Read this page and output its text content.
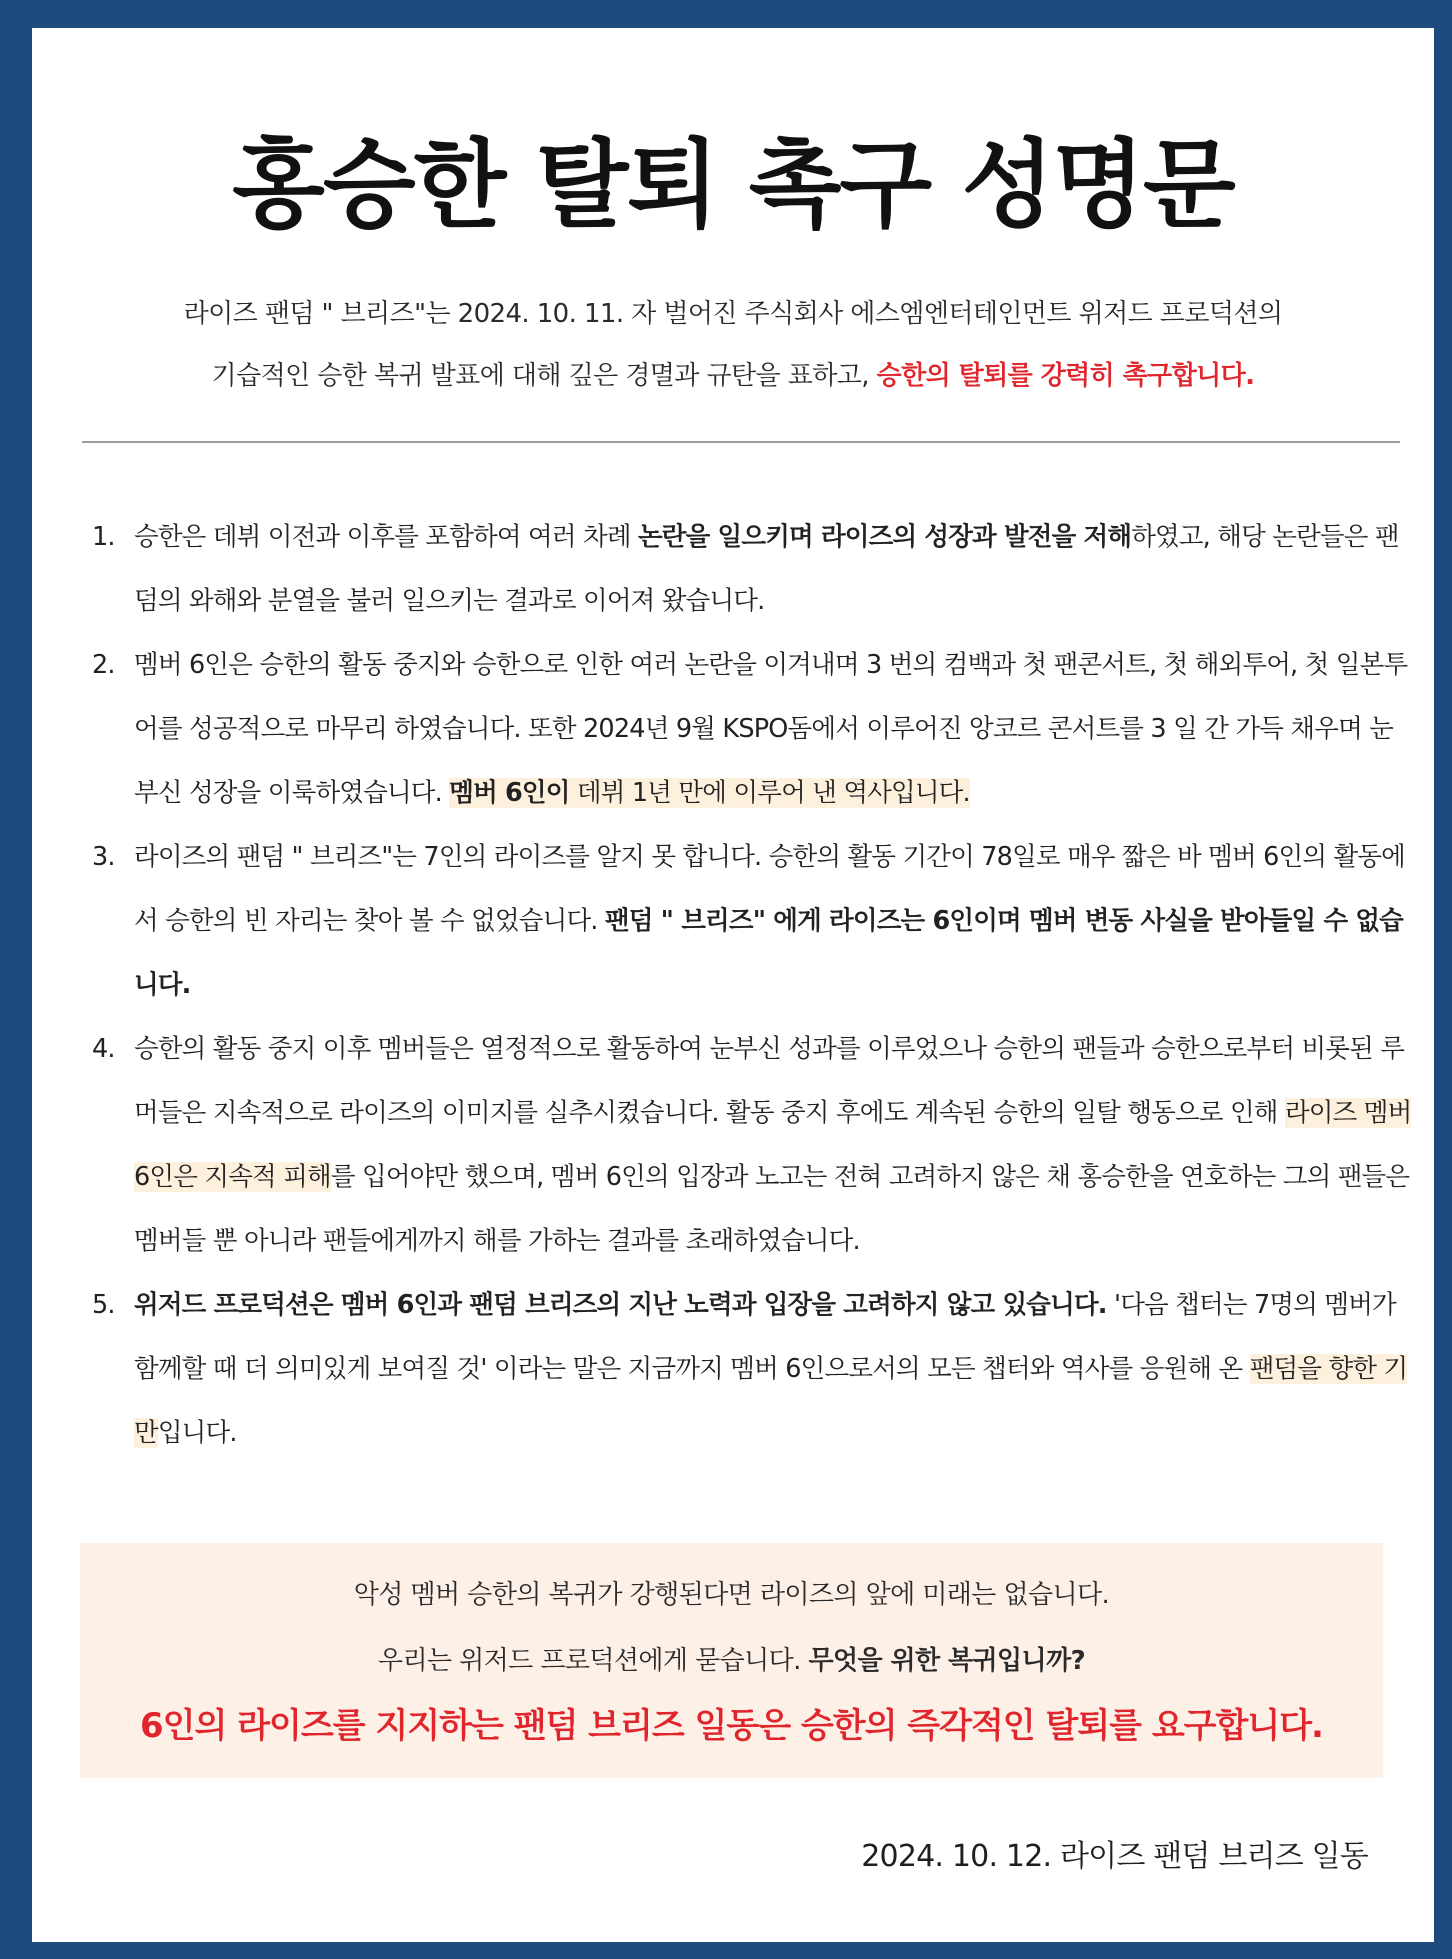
홍승한 탈퇴 촉구 성명문
라이즈 팬덤 " 브리즈"는 2024. 10. 11. 자 벌어진 주식회사 에스엠엔터테인먼트 위저드 프로덕션의
기습적인 승한 복귀 발표에 대해 깊은 경멸과 규탄을 표하고, 승한의 탈퇴를 강력히 촉구합니다.
1. 승한은 데뷔 이전과 이후를 포함하여 여러 차례 논란을 일으키며 라이즈의 성장과 발전을 저해하였고, 해당 논란들은 팬덤의 와해와 분열을 불러 일으키는 결과로 이어져 왔습니다.
2. 멤버 6인은 승한의 활동 중지와 승한으로 인한 여러 논란을 이겨내며 3 번의 컴백과 첫 팬콘서트, 첫 해외투어, 첫 일본투어를 성공적으로 마무리 하였습니다. 또한 2024년 9월 KSPO돔에서 이루어진 앙코르 콘서트를 3 일 간 가득 채우며 눈부신 성장을 이룩하였습니다. 멤버 6인이 데뷔 1년 만에 이루어 낸 역사입니다.
3. 라이즈의 팬덤 " 브리즈"는 7인의 라이즈를 알지 못 합니다. 승한의 활동 기간이 78일로 매우 짧은 바 멤버 6인의 활동에서 승한의 빈 자리는 찾아 볼 수 없었습니다. 팬덤 " 브리즈" 에게 라이즈는 6인이며 멤버 변동 사실을 받아들일 수 없습니다.
4. 승한의 활동 중지 이후 멤버들은 열정적으로 활동하여 눈부신 성과를 이루었으나 승한의 팬들과 승한으로부터 비롯된 루머들은 지속적으로 라이즈의 이미지를 실추시켰습니다. 활동 중지 후에도 계속된 승한의 일탈 행동으로 인해 라이즈 멤버 6인은 지속적 피해를 입어야만 했으며, 멤버 6인의 입장과 노고는 전혀 고려하지 않은 채 홍승한을 연호하는 그의 팬들은 멤버들 뿐 아니라 팬들에게까지 해를 가하는 결과를 초래하였습니다.
5. 위저드 프로덕션은 멤버 6인과 팬덤 브리즈의 지난 노력과 입장을 고려하지 않고 있습니다. '다음 챕터는 7명의 멤버가 함께할 때 더 의미있게 보여질 것' 이라는 말은 지금까지 멤버 6인으로서의 모든 챕터와 역사를 응원해 온 팬덤을 향한 기만입니다.
악성 멤버 승한의 복귀가 강행된다면 라이즈의 앞에 미래는 없습니다.
우리는 위저드 프로덕션에게 묻습니다. 무엇을 위한 복귀입니까?
6인의 라이즈를 지지하는 팬덤 브리즈 일동은 승한의 즉각적인 탈퇴를 요구합니다.
2024. 10. 12. 라이즈 팬덤 브리즈 일동
